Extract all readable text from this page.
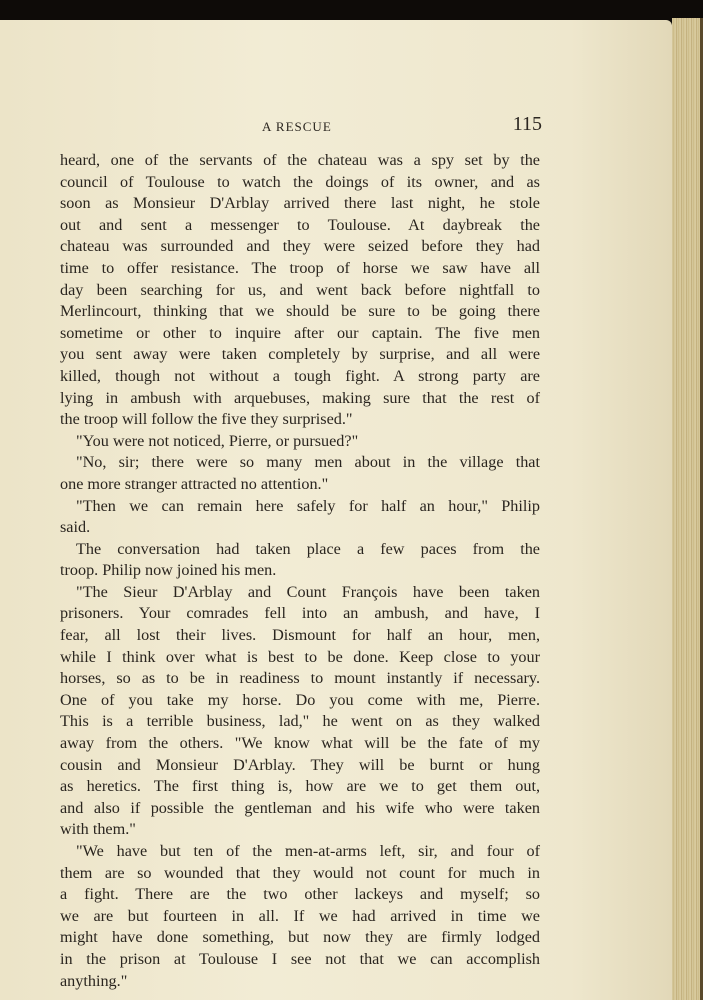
A RESCUE	115
heard, one of the servants of the chateau was a spy set by the
council of Toulouse to watch the doings of its owner, and as
soon as Monsieur D'Arblay arrived there last night, he stole
out and sent a messenger to Toulouse. At daybreak the
chateau was surrounded and they were seized before they had
time to offer resistance. The troop of horse we saw have all
day been searching for us, and went back before nightfall to
Merlincourt, thinking that we should be sure to be going there
sometime or other to inquire after our captain. The five men
you sent away were taken completely by surprise, and all were
killed, though not without a tough fight. A strong party are
lying in ambush with arquebuses, making sure that the rest of
the troop will follow the five they surprised."
"You were not noticed, Pierre, or pursued?"
"No, sir; there were so many men about in the village that
one more stranger attracted no attention."
"Then we can remain here safely for half an hour," Philip
said.
The conversation had taken place a few paces from the
troop. Philip now joined his men.
"The Sieur D'Arblay and Count François have been taken
prisoners. Your comrades fell into an ambush, and have, I
fear, all lost their lives. Dismount for half an hour, men,
while I think over what is best to be done. Keep close to your
horses, so as to be in readiness to mount instantly if necessary.
One of you take my horse. Do you come with me, Pierre.
This is a terrible business, lad," he went on as they walked
away from the others. "We know what will be the fate of my
cousin and Monsieur D'Arblay. They will be burnt or hung
as heretics. The first thing is, how are we to get them out,
and also if possible the gentleman and his wife who were taken
with them."
"We have but ten of the men-at-arms left, sir, and four of
them are so wounded that they would not count for much in
a fight. There are the two other lackeys and myself; so
we are but fourteen in all. If we had arrived in time we
might have done something, but now they are firmly lodged
in the prison at Toulouse I see not that we can accomplish
anything."
